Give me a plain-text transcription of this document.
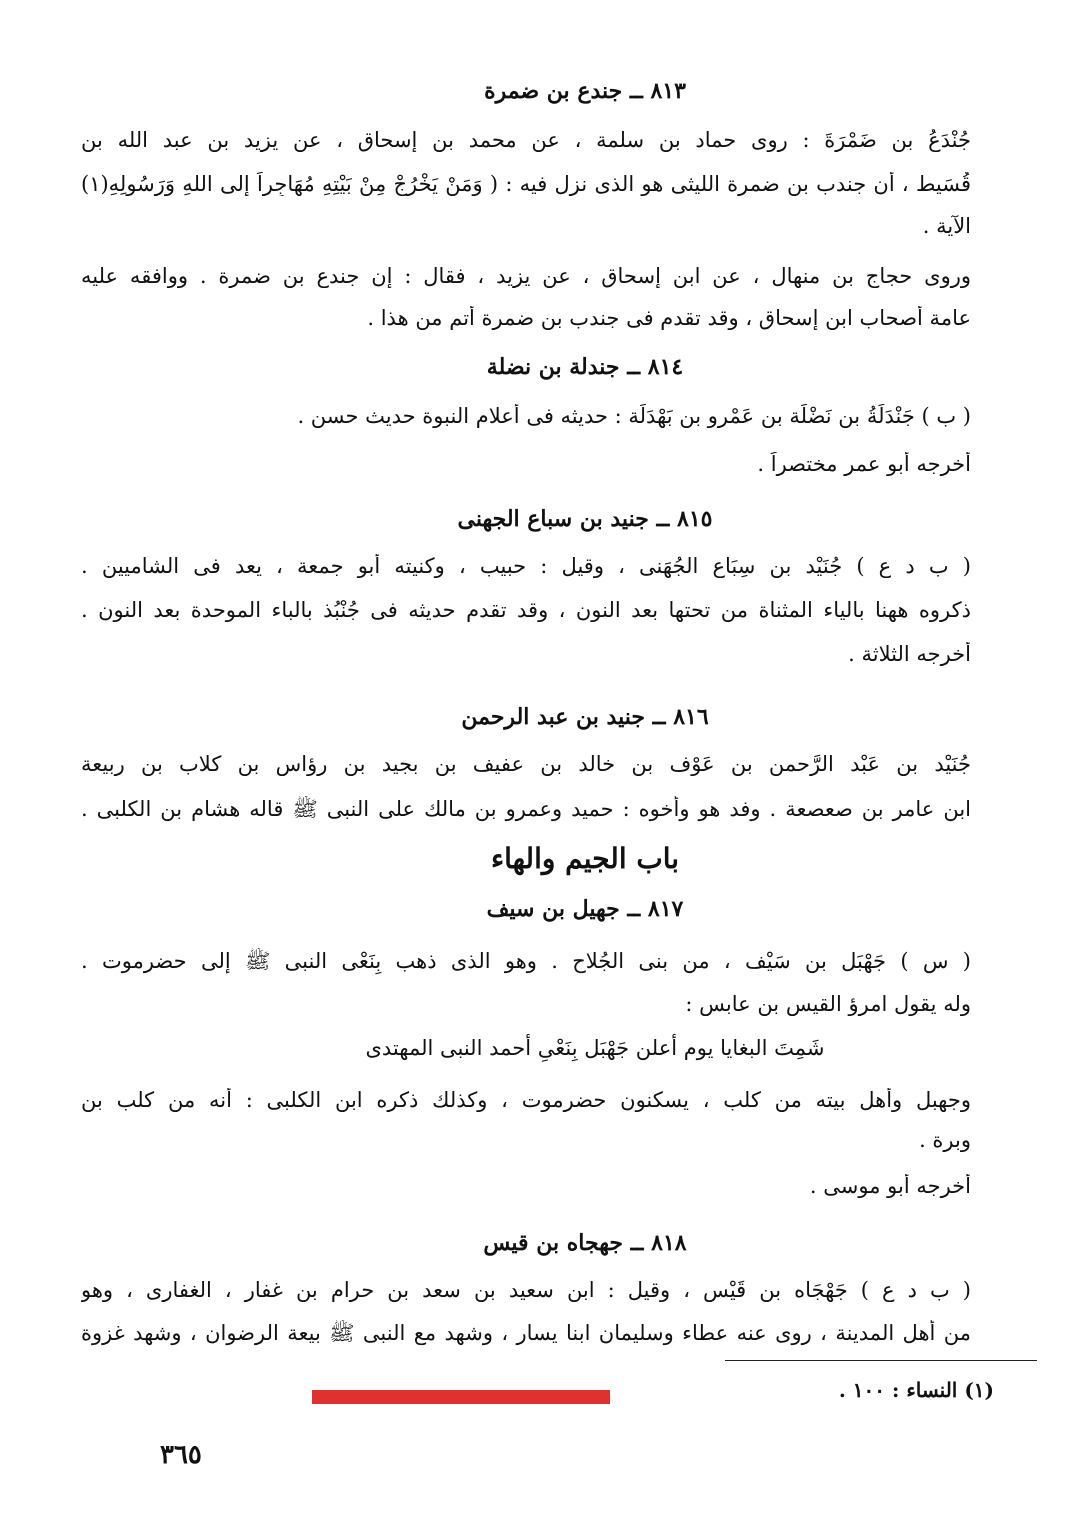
٨١٣ ــ جندع بن ضمرة
جُنْدَعُ بن ضَمْرَةَ : روى حماد بن سلمة ، عن محمد بن إسحاق ، عن يزيد بن عبد الله بن
قُسَيط ، أن جندب بن ضمرة الليثى هو الذى نزل فيه : ( وَمَنْ يَخْرُجْ مِنْ بَيْتِهِ مُهَاجِراً إلى اللهِ وَرَسُولِهِ(١)
الآية .
وروى حجاج بن منهال ، عن ابن إسحاق ، عن يزيد ، فقال : إن جندع بن ضمرة . ووافقه عليه
عامة أصحاب ابن إسحاق ، وقد تقدم فى جندب بن ضمرة أتم من هذا .
٨١٤ ــ جندلة بن نضلة
( ب ) جَنْدَلَةُ بن نَضْلَة بن عَمْرو بن بَهْدَلَة : حديثه فى أعلام النبوة حديث حسن .
أخرجه أبو عمر مختصراً .
٨١٥ ــ جنيد بن سباع الجهنى
( ب د ع ) جُنَيْد بن سِبَاع الجُهَنى ، وقيل : حبيب ، وكنيته أبو جمعة ، يعد فى الشاميين .
ذكروه ههنا بالياء المثناة من تحتها بعد النون ، وقد تقدم حديثه فى جُنْبُذ بالباء الموحدة بعد النون .
أخرجه الثلاثة .
٨١٦ ــ جنيد بن عبد الرحمن
جُنَيْد بن عَبْد الرَّحمن بن عَوْف بن خالد بن عفيف بن بجيد بن رؤاس بن كلاب بن ربيعة
ابن عامر بن صعصعة . وفد هو وأخوه : حميد وعمرو بن مالك على النبى ﷺ قاله هشام بن الكلبى .
باب الجيم والهاء
٨١٧ ــ جهيل بن سيف
( س ) جَهْبَل بن سَيْف ، من بنى الجُلاح . وهو الذى ذهب بِنَعْى النبى ﷺ إلى حضرموت .
وله يقول امرؤ القيس بن عابس :
شَمِتَ البغايا يوم أعلن جَهْبَل بِنَعْىِ أحمد النبى المهتدى
وجهبل وأهل بيته من كلب ، يسكنون حضرموت ، وكذلك ذكره ابن الكلبى : أنه من كلب بن
وبرة .
أخرجه أبو موسى .
٨١٨ ــ جهجاه بن قيس
( ب د ع ) جَهْجَاه بن قَيْس ، وقيل : ابن سعيد بن سعد بن حرام بن غفار ، الغفارى ، وهو
من أهل المدينة ، روى عنه عطاء وسليمان ابنا يسار ، وشهد مع النبى ﷺ بيعة الرضوان ، وشهد غزوة
(١) النساء : ١٠٠ .
٣٦٥
